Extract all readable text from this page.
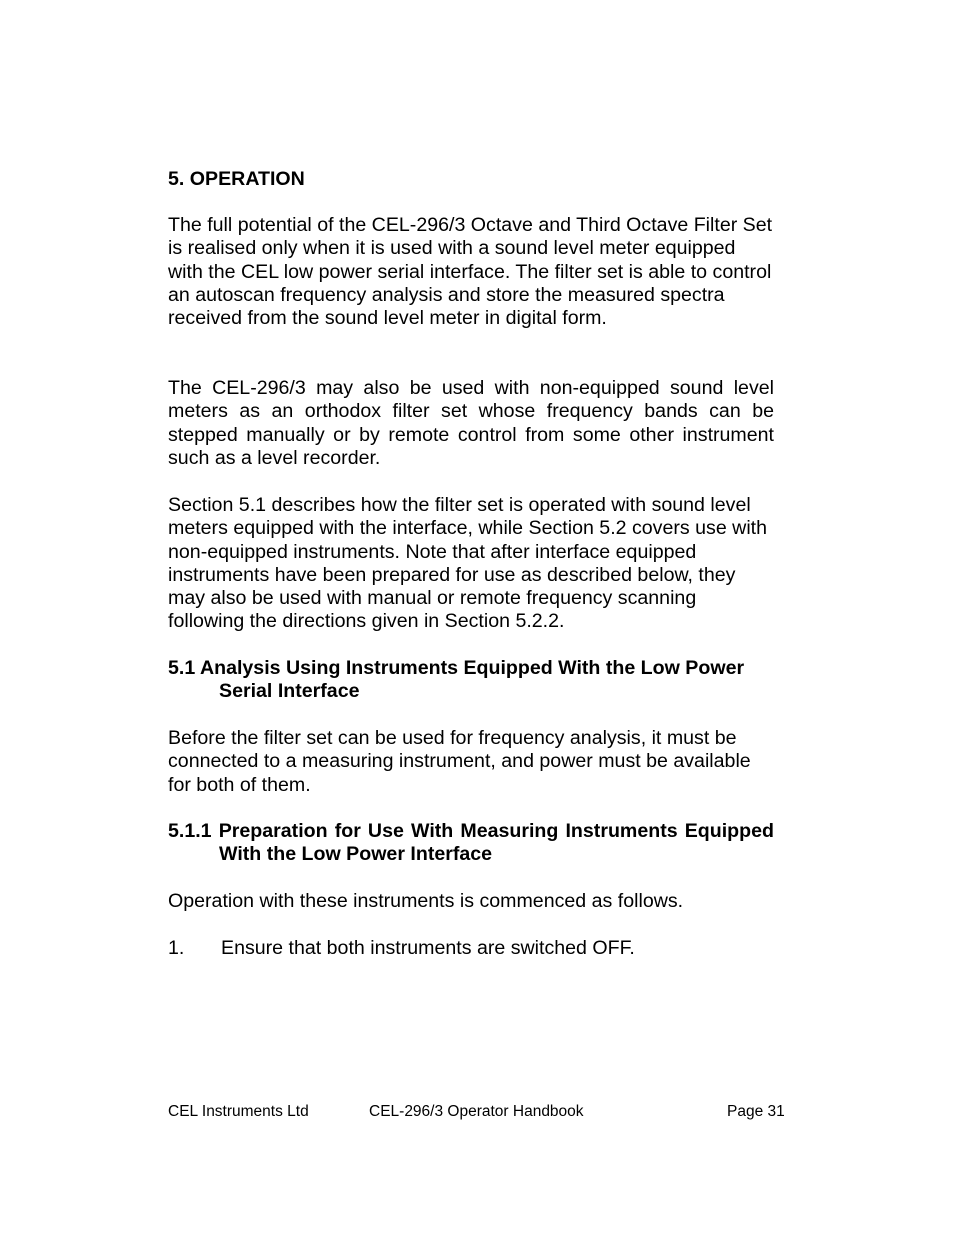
5. OPERATION

The full potential of the CEL-296/3 Octave and Third Octave Filter Set is realised only when it is used with a sound level meter equipped with the CEL low power serial interface. The filter set is able to control an autoscan frequency analysis and store the measured spectra received from the sound level meter in digital form.

The CEL-296/3 may also be used with non-equipped sound level meters as an orthodox filter set whose frequency bands can be stepped manually or by remote control from some other instrument such as a level recorder.

Section 5.1 describes how the filter set is operated with sound level meters equipped with the interface, while Section 5.2 covers use with non-equipped instruments. Note that after interface equipped instruments have been prepared for use as described below, they may also be used with manual or remote frequency scanning following the directions given in Section 5.2.2.

5.1 Analysis Using Instruments Equipped With the Low Power Serial Interface

Before the filter set can be used for frequency analysis, it must be connected to a measuring instrument, and power must be available for both of them.

5.1.1 Preparation for Use With Measuring Instruments Equipped With the Low Power Interface

Operation with these instruments is commenced as follows.

1. Ensure that both instruments are switched OFF.
CEL Instruments Ltd	CEL-296/3 Operator Handbook	Page 31
